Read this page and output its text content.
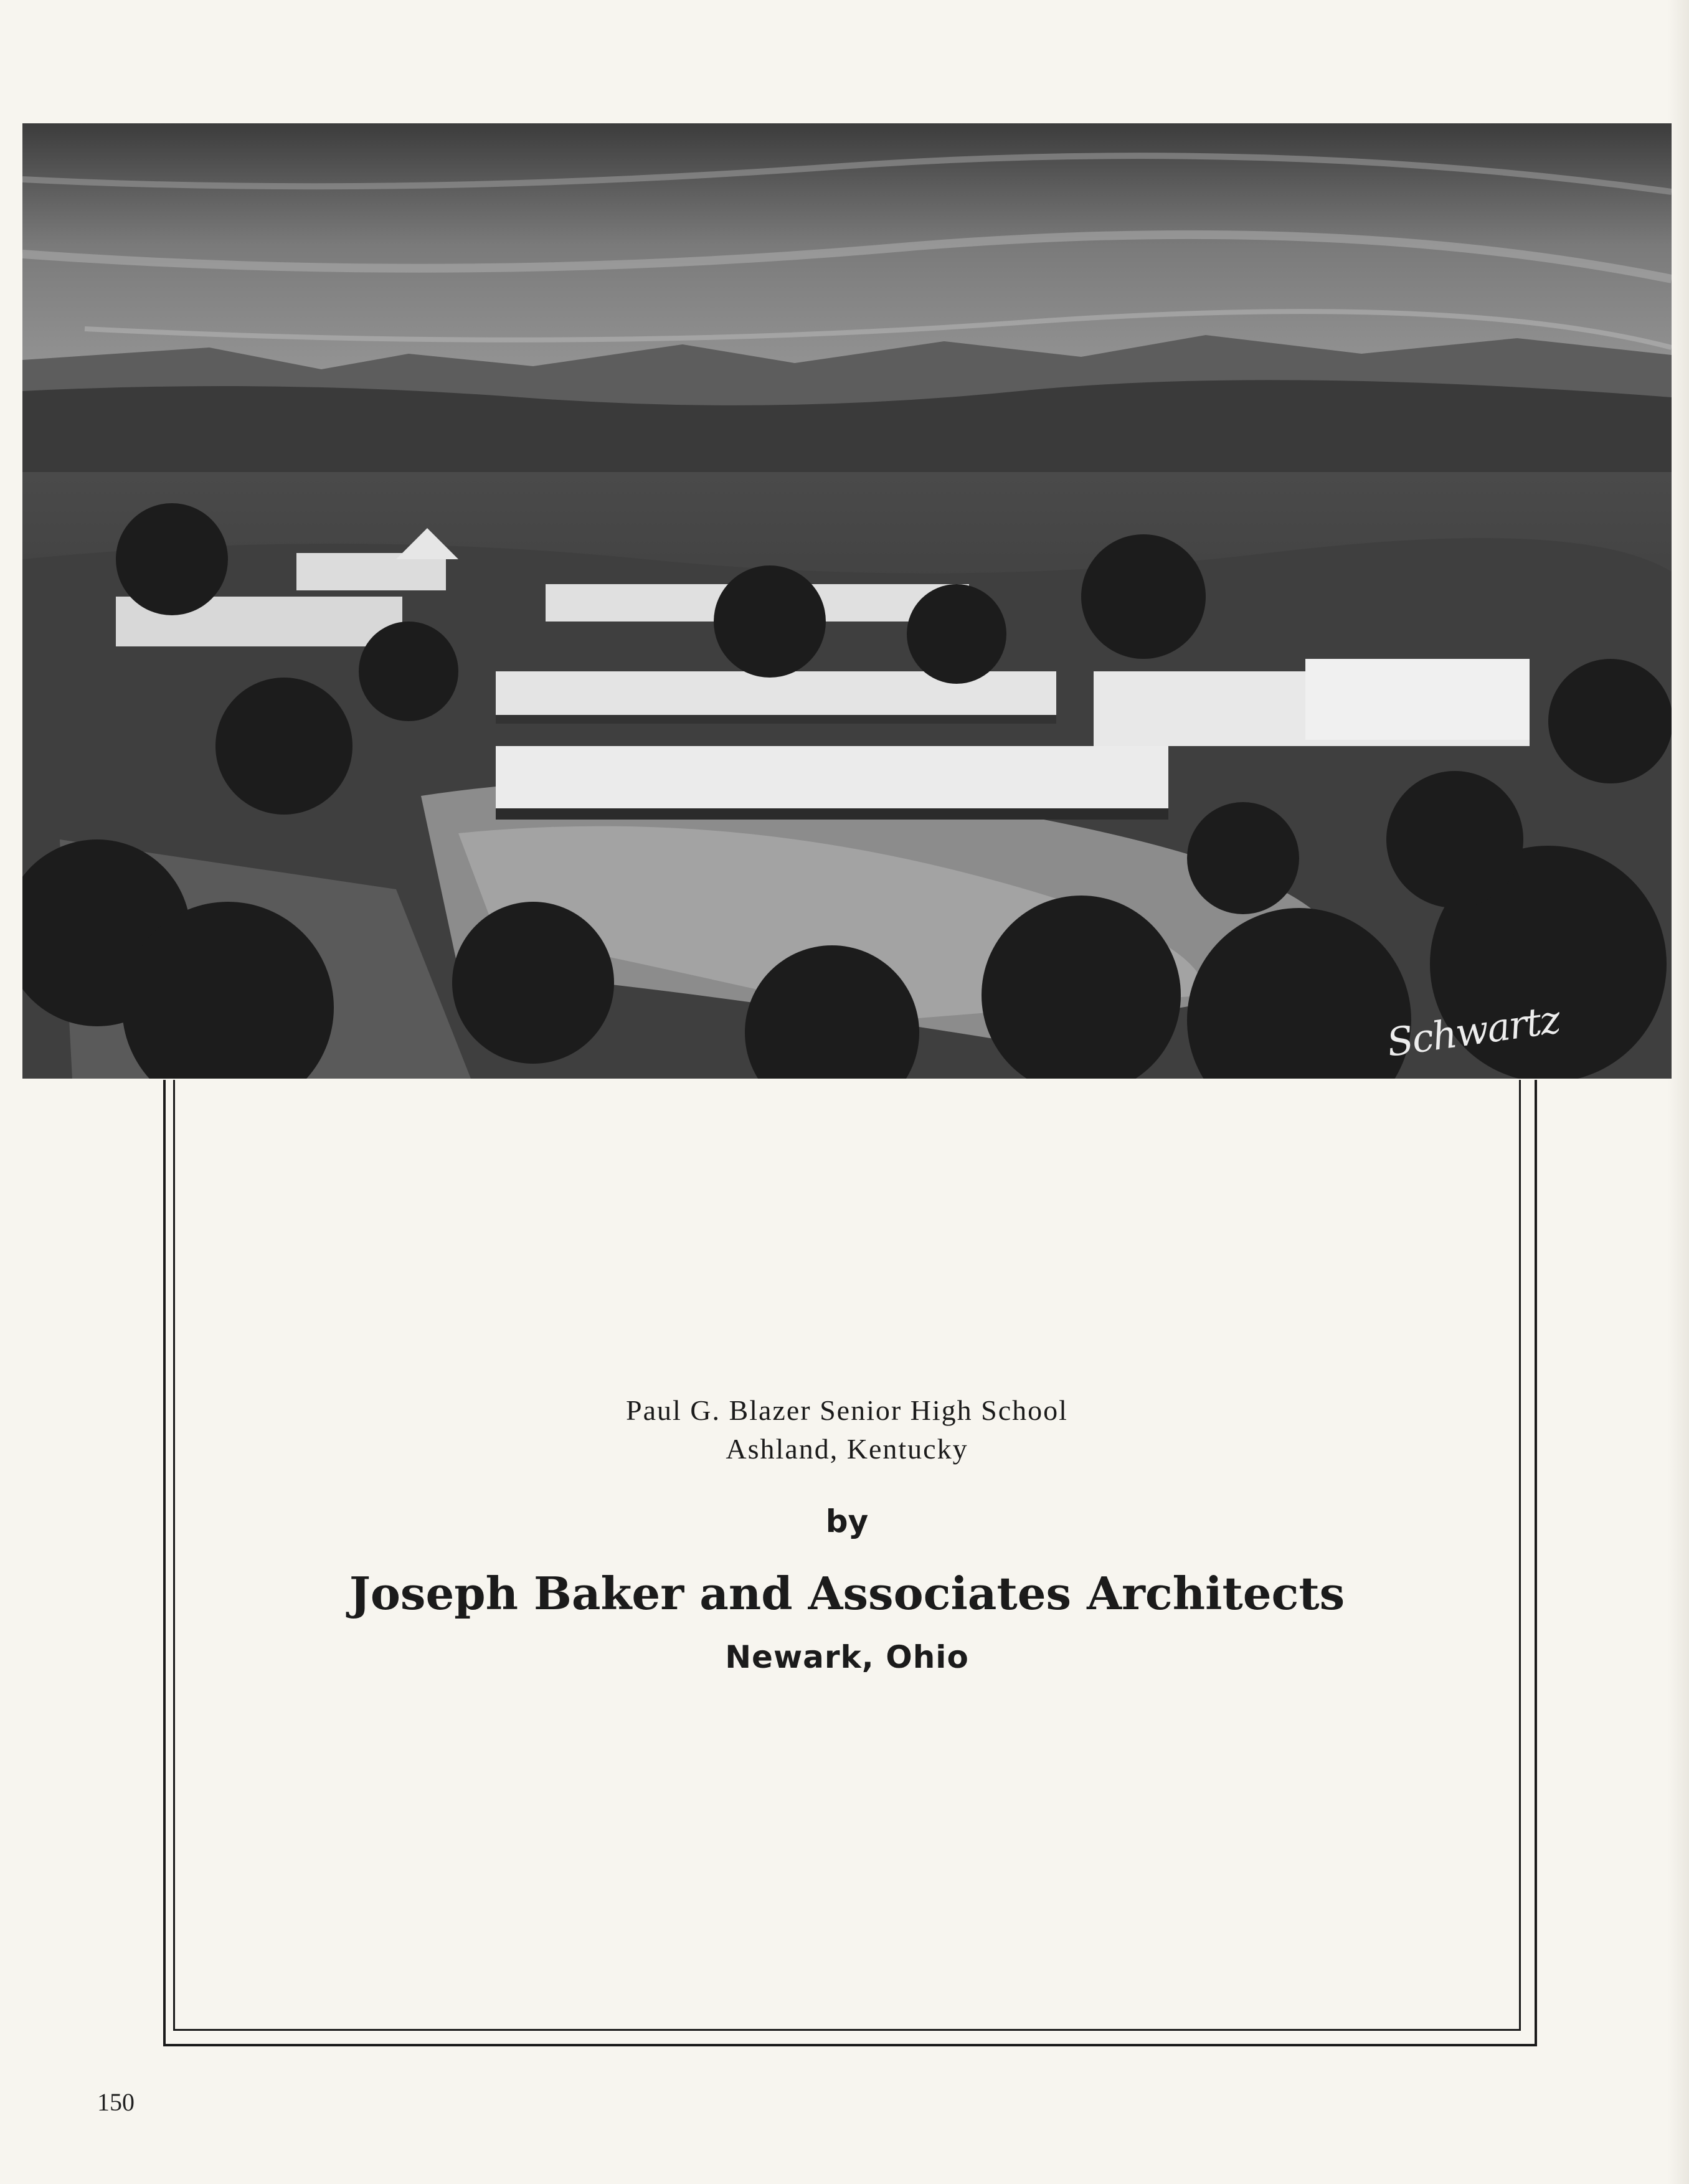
Schwartz
Paul G. Blazer Senior High School
Ashland, Kentucky
by
Joseph Baker and Associates Architects
Newark, Ohio
150
